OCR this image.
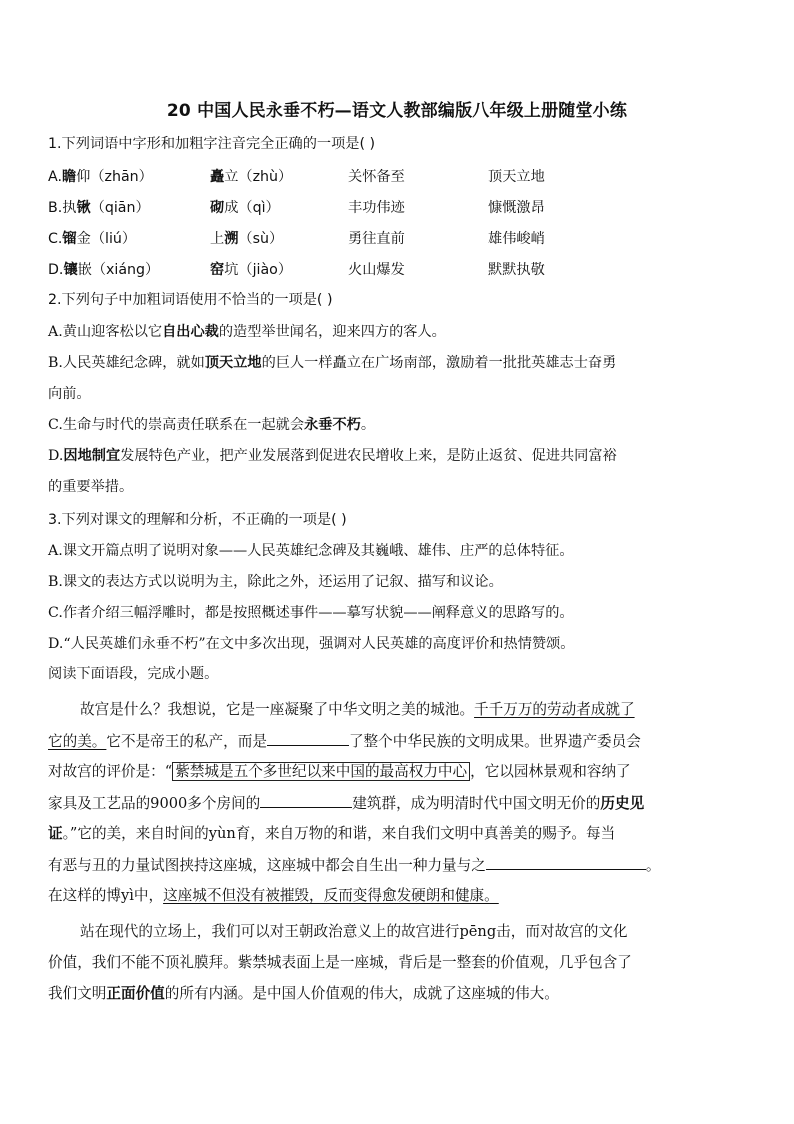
20 中国人民永垂不朽—语文人教部编版八年级上册随堂小练
1.下列词语中字形和加粗字注音完全正确的一项是( )
A.瞻仰（zhān）	矗立（zhù）	关怀备至	顶天立地
B.执锹（qiān）	砌成（qì）	丰功伟迹	慷慨激昂
C.镏金（liú）	上溯（sù）	勇往直前	雄伟峻峭
D.镶嵌（xiáng）	窑坑（jiào）	火山爆发	默默执敬
2.下列句子中加粗词语使用不恰当的一项是( )
A.黄山迎客松以它自出心裁的造型举世闻名，迎来四方的客人。
B.人民英雄纪念碑，就如顶天立地的巨人一样矗立在广场南部，激励着一批批英雄志士奋勇
向前。
C.生命与时代的崇高责任联系在一起就会永垂不朽。
D.因地制宜发展特色产业，把产业发展落到促进农民增收上来，是防止返贫、促进共同富裕
的重要举措。
3.下列对课文的理解和分析，不正确的一项是( )
A.课文开篇点明了说明对象——人民英雄纪念碑及其巍峨、雄伟、庄严的总体特征。
B.课文的表达方式以说明为主，除此之外，还运用了记叙、描写和议论。
C.作者介绍三幅浮雕时，都是按照概述事件——摹写状貌——阐释意义的思路写的。
D.“人民英雄们永垂不朽”在文中多次出现，强调对人民英雄的高度评价和热情赞颂。
阅读下面语段，完成小题。
故宫是什么？我想说，它是一座凝聚了中华文明之美的城池。千千万万的劳动者成就了
它的美。它不是帝王的私产，而是	了整个中华民族的文明成果。世界遗产委员会
对故宫的评价是：“ 紫禁城是五个多世纪以来中国的最高权力中心 ，它以园林景观和容纳了
家具及工艺品的9000多个房间的	建筑群，成为明清时代中国文明无价的历史见
证。”它的美，来自时间的yùn育，来自万物的和谐，来自我们文明中真善美的赐予。每当
有恶与丑的力量试图挟持这座城，这座城中都会自生出一种力量与之	。
在这样的博yì中，这座城不但没有被摧毁，反而变得愈发硬朗和健康。
站在现代的立场上，我们可以对王朝政治意义上的故宫进行pēng击，而对故宫的文化
价值，我们不能不顶礼膜拜。紫禁城表面上是一座城，背后是一整套的价值观，几乎包含了
我们文明正面价值的所有内涵。是中国人价值观的伟大，成就了这座城的伟大。
